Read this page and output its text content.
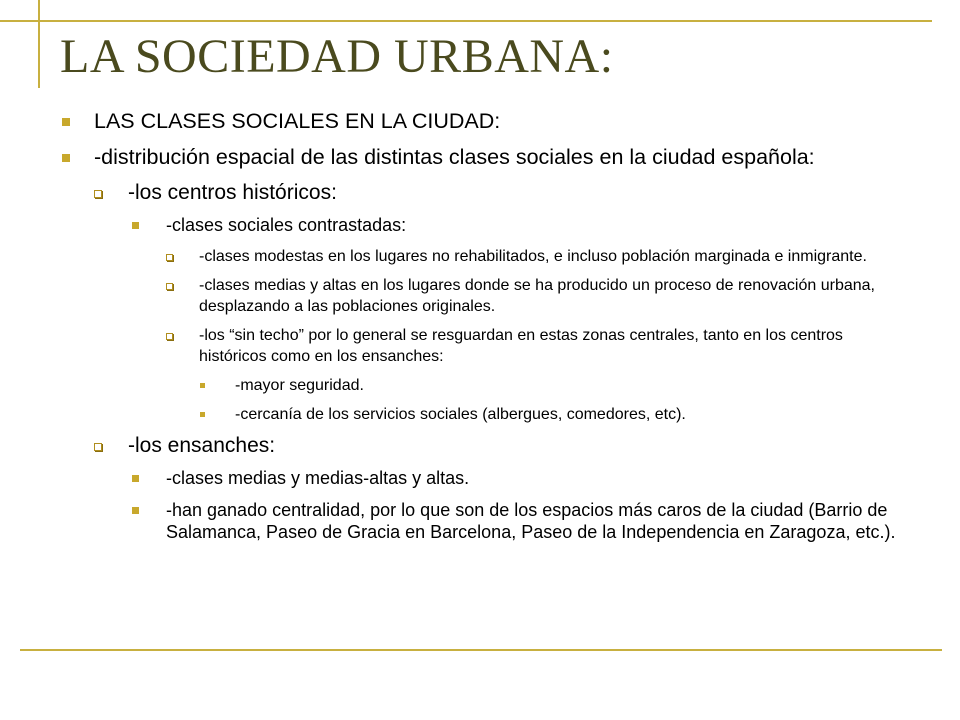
LA SOCIEDAD URBANA:
LAS CLASES SOCIALES EN LA CIUDAD:
-distribución espacial de las distintas clases sociales en la ciudad española:
-los centros históricos:
-clases sociales contrastadas:
-clases modestas en los lugares no rehabilitados, e incluso población marginada e inmigrante.
-clases medias y altas en los lugares donde se ha producido un proceso de renovación urbana, desplazando a las poblaciones originales.
-los “sin techo” por lo general se resguardan en estas zonas centrales, tanto en los centros históricos como en los ensanches:
-mayor seguridad.
-cercanía de los servicios sociales (albergues, comedores, etc).
-los ensanches:
-clases medias y medias-altas y altas.
-han ganado centralidad, por lo que son de los espacios más caros de la ciudad (Barrio de Salamanca, Paseo de Gracia en Barcelona, Paseo de la Independencia en Zaragoza, etc.).
